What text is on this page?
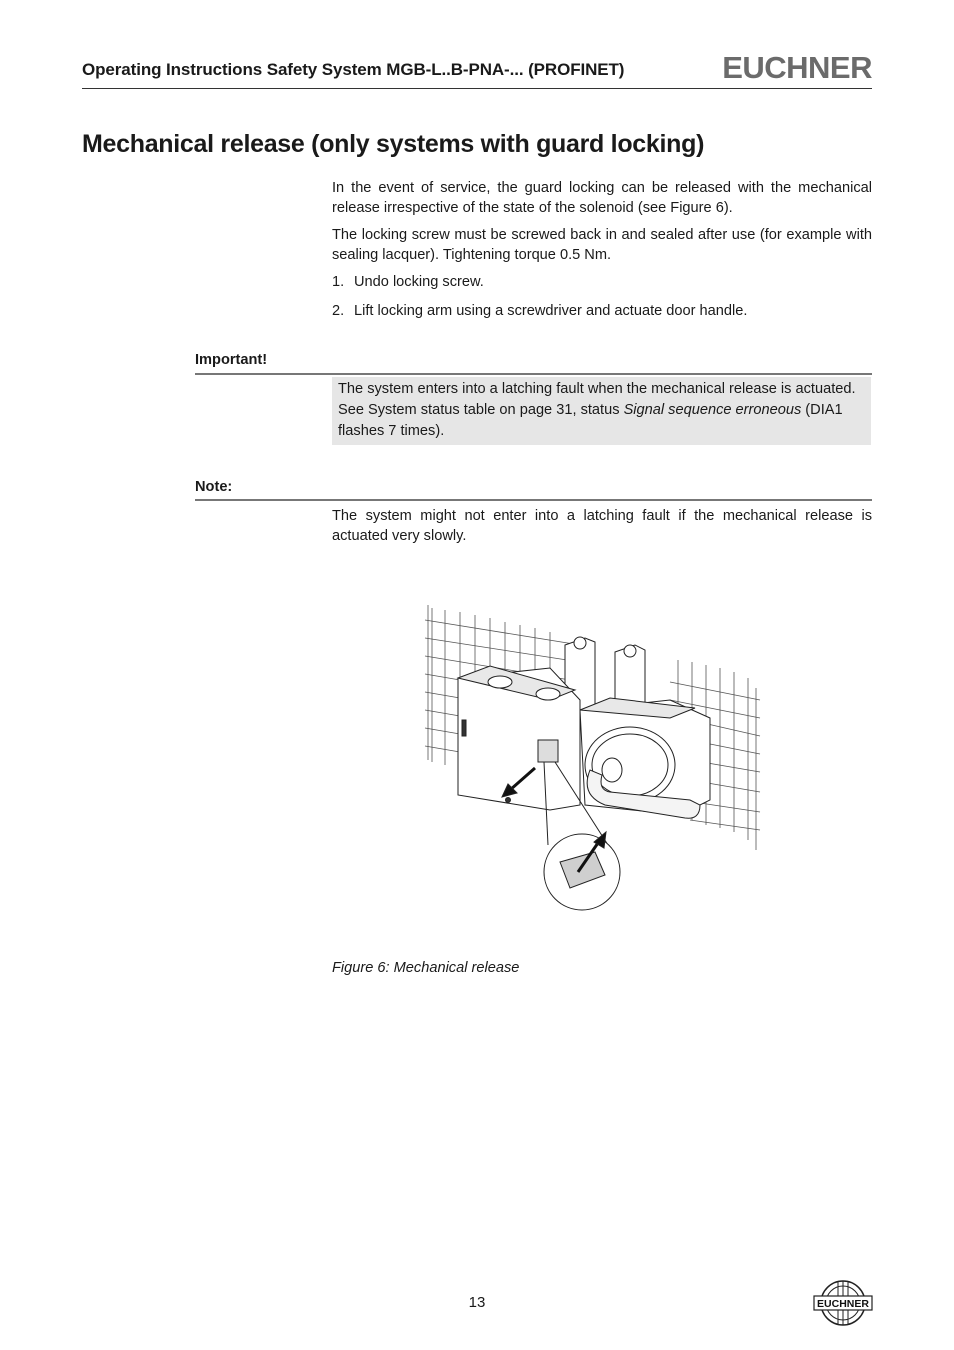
Operating Instructions Safety System MGB-L..B-PNA-... (PROFINET)	EUCHNER
Mechanical release (only systems with guard locking)
In the event of service, the guard locking can be released with the mechanical release irrespective of the state of the solenoid (see Figure 6).
The locking screw must be screwed back in and sealed after use (for example with sealing lacquer). Tightening torque 0.5 Nm.
1. Undo locking screw.
2. Lift locking arm using a screwdriver and actuate door handle.
Important!
The system enters into a latching fault when the mechanical release is actuated. See System status table on page 31, status Signal sequence erroneous (DIA1 flashes 7 times).
Note:
The system might not enter into a latching fault if the mechanical release is actuated very slowly.
Figure 6: Mechanical release
13	EUCHNER
